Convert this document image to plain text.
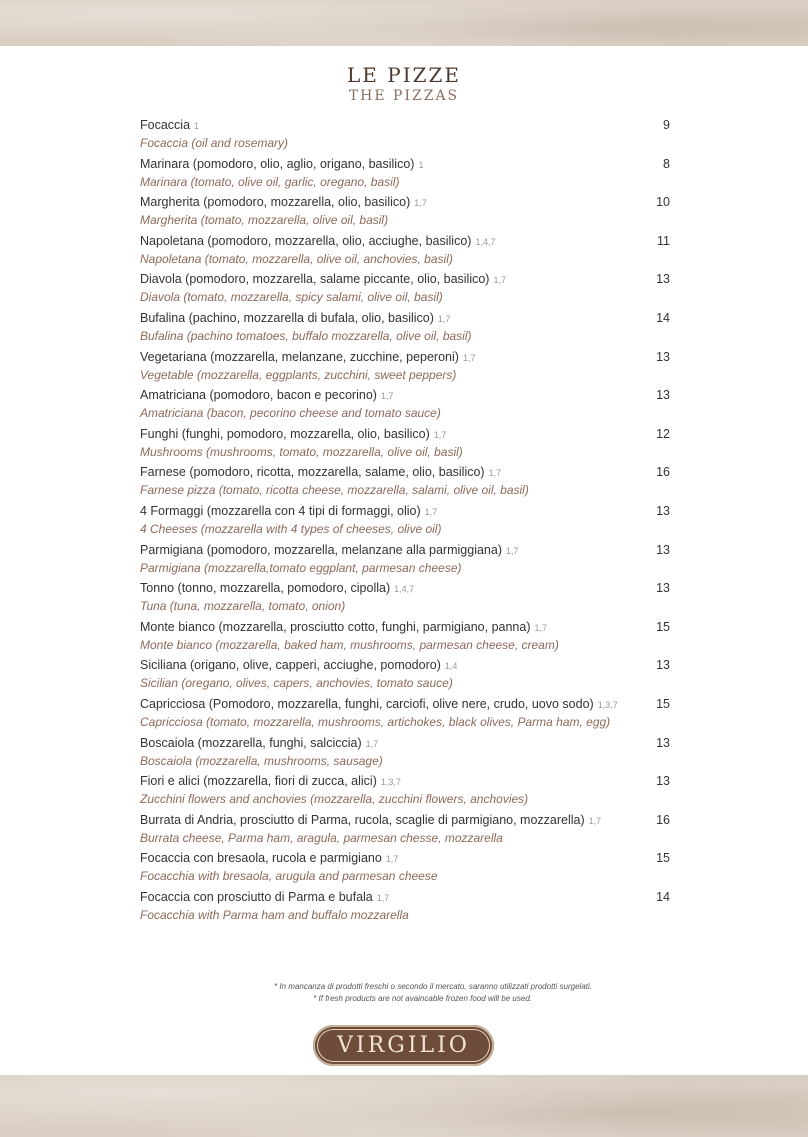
LE PIZZE
THE PIZZAS
Focaccia 1	9
Focaccia (oil and rosemary)
Marinara (pomodoro, olio, aglio, origano, basilico) 1	8
Marinara (tomato, olive oil, garlic, oregano, basil)
Margherita (pomodoro, mozzarella, olio, basilico) 1,7	10
Margherita (tomato, mozzarella, olive oil, basil)
Napoletana (pomodoro, mozzarella, olio, acciughe, basilico) 1,4,7	11
Napoletana (tomato, mozzarella, olive oil, anchovies, basil)
Diavola (pomodoro, mozzarella, salame piccante, olio, basilico) 1,7	13
Diavola (tomato, mozzarella, spicy salami, olive oil, basil)
Bufalina (pachino, mozzarella di bufala, olio, basilico) 1,7	14
Bufalina (pachino tomatoes, buffalo mozzarella, olive oil, basil)
Vegetariana (mozzarella, melanzane, zucchine, peperoni) 1,7	13
Vegetable (mozzarella, eggplants, zucchini, sweet peppers)
Amatriciana (pomodoro, bacon e pecorino) 1,7	13
Amatriciana (bacon, pecorino cheese and tomato sauce)
Funghi (funghi, pomodoro, mozzarella, olio, basilico) 1,7	12
Mushrooms (mushrooms, tomato, mozzarella, olive oil, basil)
Farnese (pomodoro, ricotta, mozzarella, salame, olio, basilico) 1,7	16
Farnese pizza (tomato, ricotta cheese, mozzarella, salami, olive oil, basil)
4 Formaggi (mozzarella con 4 tipi di formaggi, olio) 1,7	13
4 Cheeses (mozzarella with 4 types of cheeses, olive oil)
Parmigiana (pomodoro, mozzarella, melanzane alla parmiggiana) 1,7	13
Parmigiana (mozzarella,tomato eggplant, parmesan cheese)
Tonno (tonno, mozzarella, pomodoro, cipolla) 1,4,7	13
Tuna (tuna, mozzarella, tomato, onion)
Monte bianco (mozzarella, prosciutto cotto, funghi, parmigiano, panna) 1,7	15
Monte bianco (mozzarella, baked ham, mushrooms, parmesan cheese, cream)
Siciliana (origano, olive, capperi, acciughe, pomodoro) 1,4	13
Sicilian (oregano, olives, capers, anchovies, tomato sauce)
Capricciosa (Pomodoro, mozzarella, funghi, carciofi, olive nere, crudo, uovo sodo) 1,3,7	15
Capricciosa (tomato, mozzarella, mushrooms, artichokes, black olives, Parma ham, egg)
Boscaiola (mozzarella, funghi, salciccia) 1,7	13
Boscaiola (mozzarella, mushrooms, sausage)
Fiori e alici (mozzarella, fiori di zucca, alici) 1,3,7	13
Zucchini flowers and anchovies (mozzarella, zucchini flowers, anchovies)
Burrata di Andria, prosciutto di Parma, rucola, scaglie di parmigiano, mozzarella) 1,7	16
Burrata cheese, Parma ham, aragula, parmesan chesse, mozzarella
Focaccia con bresaola, rucola e parmigiano 1,7	15
Focacchia with bresaola, arugula and parmesan cheese
Focaccia con prosciutto di Parma e bufala 1,7	14
Focacchia with Parma ham and buffalo mozzarella
* In mancanza di prodotti freschi o secondo il mercato, saranno utilizzati prodotti surgelati.
* If fresh products are not avaincable frozen food will be used.
VIRGILIO
